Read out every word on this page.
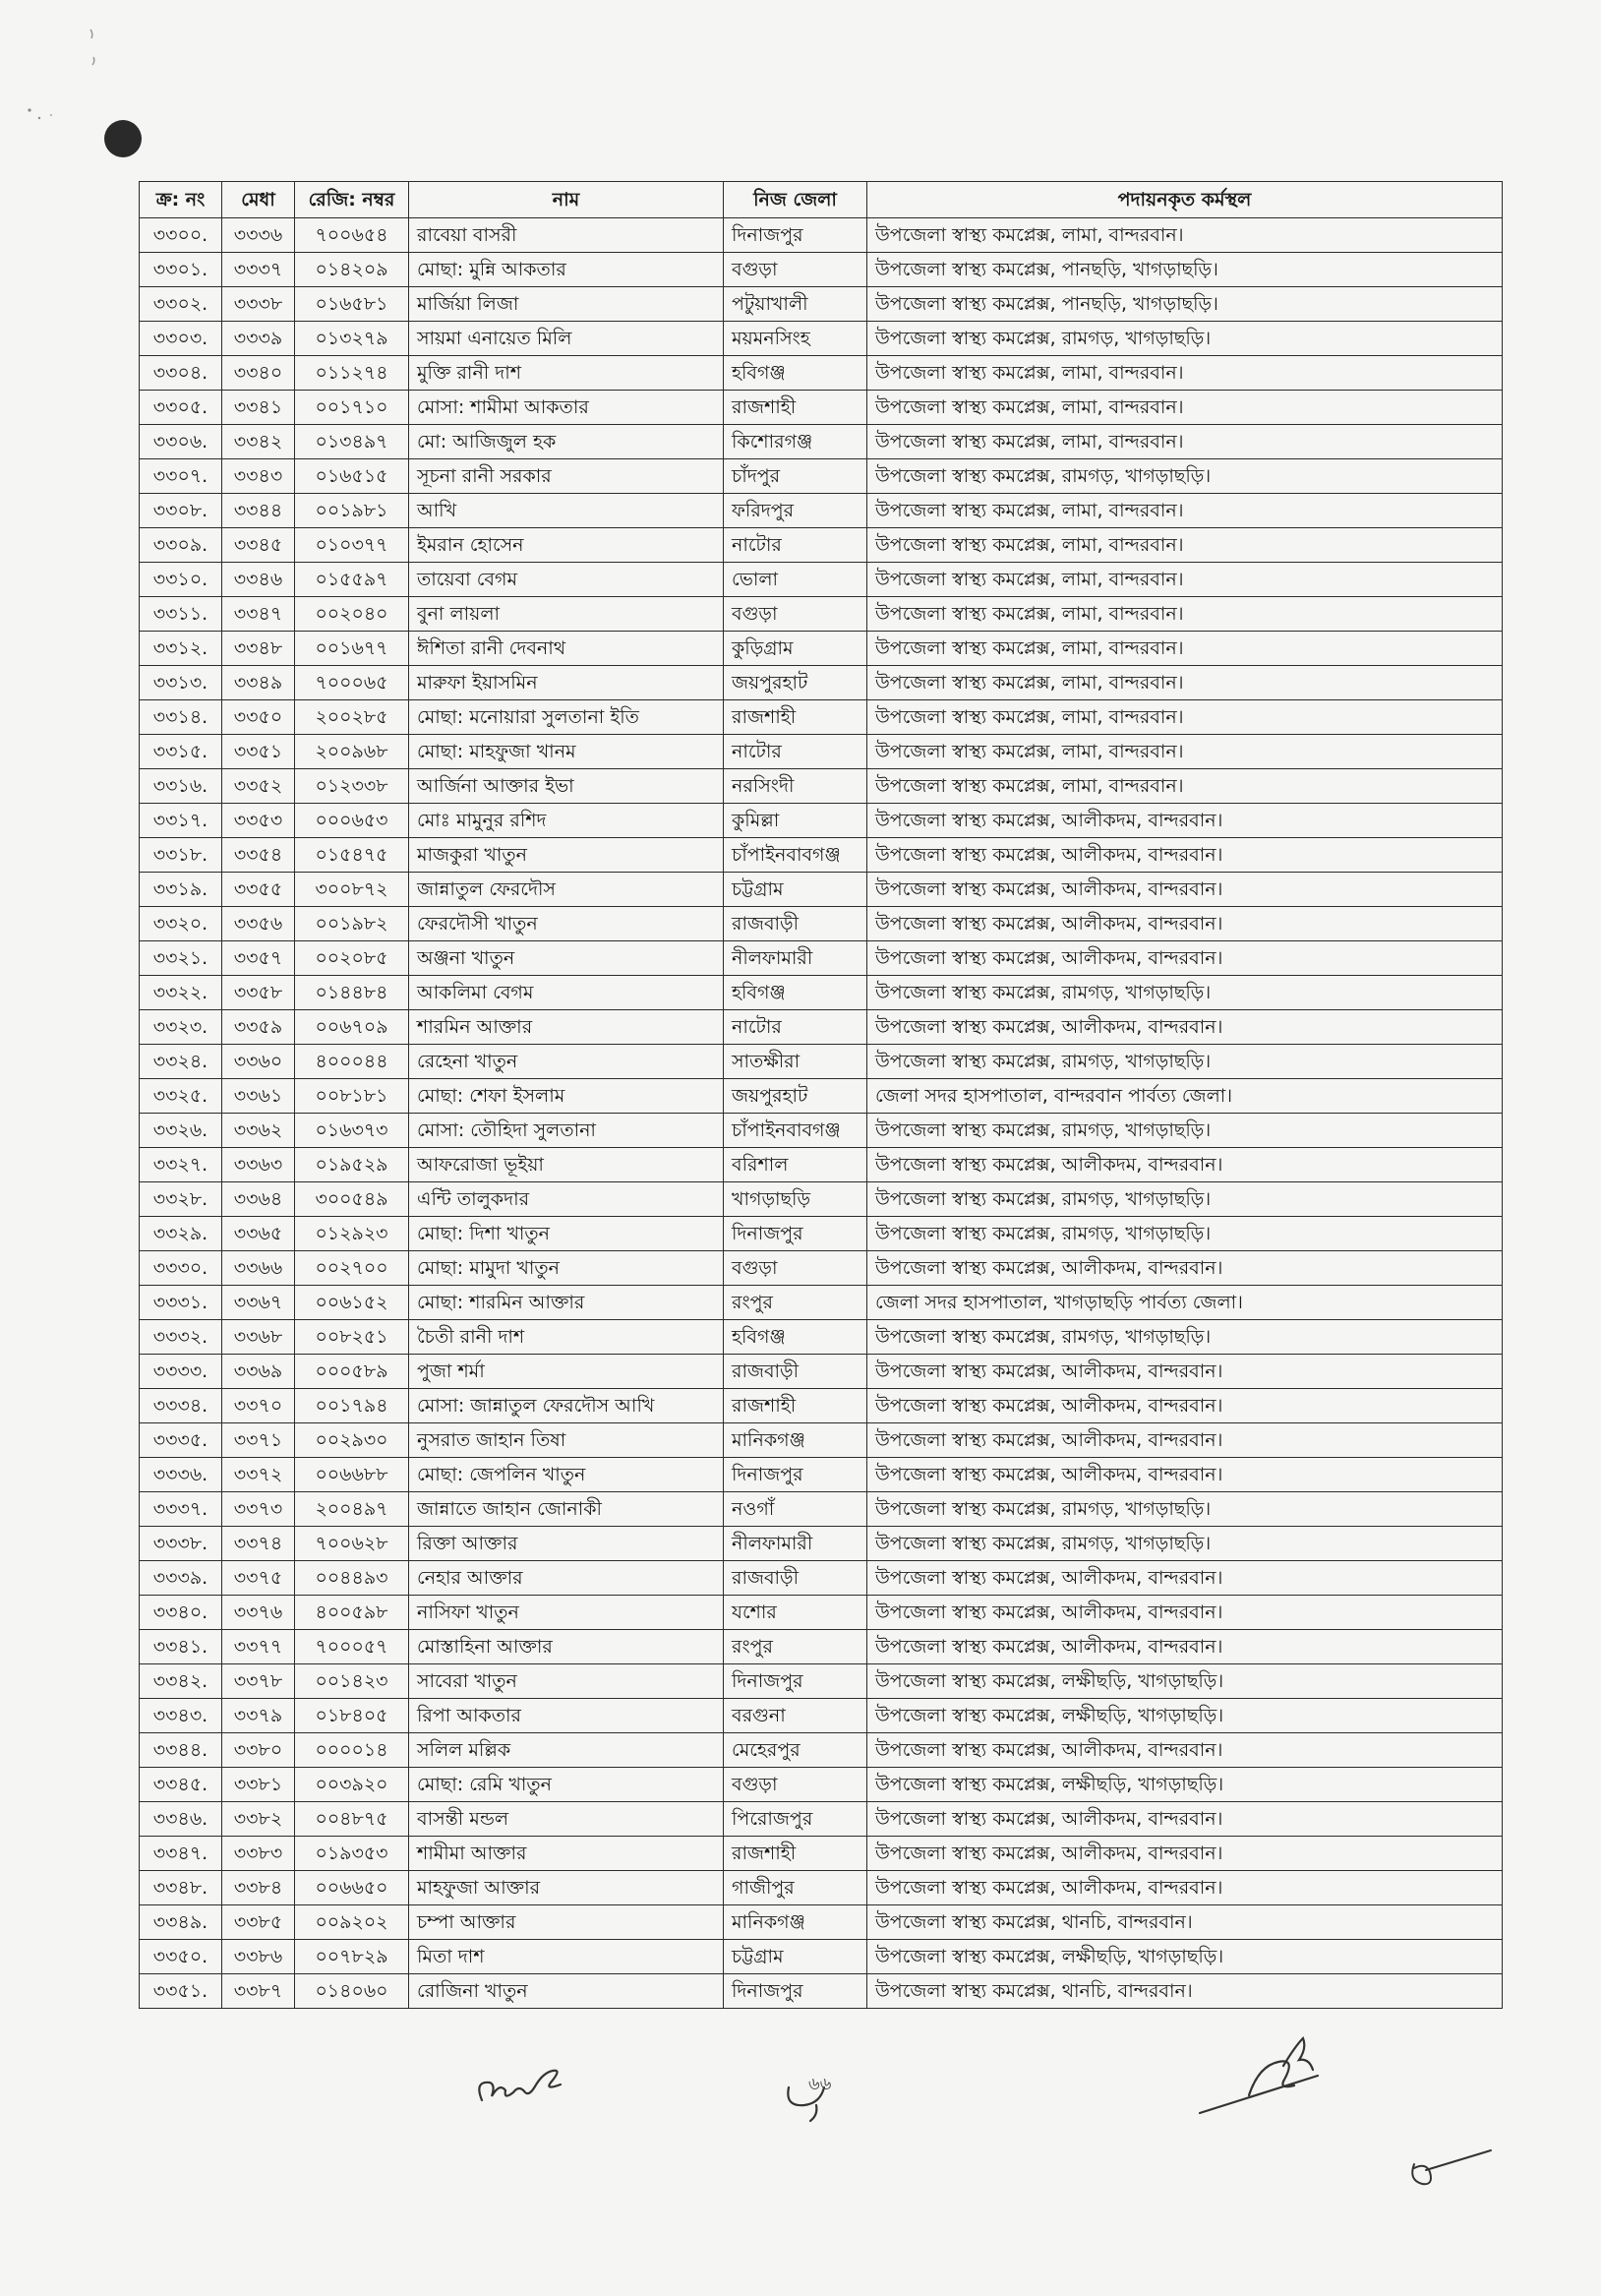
ক্র: নং	মেধা	রেজি: নম্বর	নাম	নিজ জেলা	পদায়নকৃত কর্মস্থল
৩৩০০.	৩৩৩৬	৭০০৬৫৪	রাবেয়া বাসরী	দিনাজপুর	উপজেলা স্বাস্থ্য কমপ্লেক্স, লামা, বান্দরবান।
৩৩০১.	৩৩৩৭	০১৪২০৯	মোছা: মুন্নি আকতার	বগুড়া	উপজেলা স্বাস্থ্য কমপ্লেক্স, পানছড়ি, খাগড়াছড়ি।
৩৩০২.	৩৩৩৮	০১৬৫৮১	মার্জিয়া লিজা	পটুয়াখালী	উপজেলা স্বাস্থ্য কমপ্লেক্স, পানছড়ি, খাগড়াছড়ি।
৩৩০৩.	৩৩৩৯	০১৩২৭৯	সায়মা এনায়েত মিলি	ময়মনসিংহ	উপজেলা স্বাস্থ্য কমপ্লেক্স, রামগড়, খাগড়াছড়ি।
৩৩০৪.	৩৩৪০	০১১২৭৪	মুক্তি রানী দাশ	হবিগঞ্জ	উপজেলা স্বাস্থ্য কমপ্লেক্স, লামা, বান্দরবান।
৩৩০৫.	৩৩৪১	০০১৭১০	মোসা: শামীমা আকতার	রাজশাহী	উপজেলা স্বাস্থ্য কমপ্লেক্স, লামা, বান্দরবান।
৩৩০৬.	৩৩৪২	০১৩৪৯৭	মো: আজিজুল হক	কিশোরগঞ্জ	উপজেলা স্বাস্থ্য কমপ্লেক্স, লামা, বান্দরবান।
৩৩০৭.	৩৩৪৩	০১৬৫১৫	সূচনা রানী সরকার	চাঁদপুর	উপজেলা স্বাস্থ্য কমপ্লেক্স, রামগড়, খাগড়াছড়ি।
৩৩০৮.	৩৩৪৪	০০১৯৮১	আখি	ফরিদপুর	উপজেলা স্বাস্থ্য কমপ্লেক্স, লামা, বান্দরবান।
৩৩০৯.	৩৩৪৫	০১০৩৭৭	ইমরান হোসেন	নাটোর	উপজেলা স্বাস্থ্য কমপ্লেক্স, লামা, বান্দরবান।
৩৩১০.	৩৩৪৬	০১৫৫৯৭	তায়েবা বেগম	ভোলা	উপজেলা স্বাস্থ্য কমপ্লেক্স, লামা, বান্দরবান।
৩৩১১.	৩৩৪৭	০০২০৪০	বুনা লায়লা	বগুড়া	উপজেলা স্বাস্থ্য কমপ্লেক্স, লামা, বান্দরবান।
৩৩১২.	৩৩৪৮	০০১৬৭৭	ঈশিতা রানী দেবনাথ	কুড়িগ্রাম	উপজেলা স্বাস্থ্য কমপ্লেক্স, লামা, বান্দরবান।
৩৩১৩.	৩৩৪৯	৭০০০৬৫	মারুফা ইয়াসমিন	জয়পুরহাট	উপজেলা স্বাস্থ্য কমপ্লেক্স, লামা, বান্দরবান।
৩৩১৪.	৩৩৫০	২০০২৮৫	মোছা: মনোয়ারা সুলতানা ইতি	রাজশাহী	উপজেলা স্বাস্থ্য কমপ্লেক্স, লামা, বান্দরবান।
৩৩১৫.	৩৩৫১	২০০৯৬৮	মোছা: মাহফুজা খানম	নাটোর	উপজেলা স্বাস্থ্য কমপ্লেক্স, লামা, বান্দরবান।
৩৩১৬.	৩৩৫২	০১২৩৩৮	আর্জিনা আক্তার ইভা	নরসিংদী	উপজেলা স্বাস্থ্য কমপ্লেক্স, লামা, বান্দরবান।
৩৩১৭.	৩৩৫৩	০০০৬৫৩	মোঃ মামুনুর রশিদ	কুমিল্লা	উপজেলা স্বাস্থ্য কমপ্লেক্স, আলীকদম, বান্দরবান।
৩৩১৮.	৩৩৫৪	০১৫৪৭৫	মাজকুরা খাতুন	চাঁপাইনবাবগঞ্জ	উপজেলা স্বাস্থ্য কমপ্লেক্স, আলীকদম, বান্দরবান।
৩৩১৯.	৩৩৫৫	৩০০৮৭২	জান্নাতুল ফেরদৌস	চট্টগ্রাম	উপজেলা স্বাস্থ্য কমপ্লেক্স, আলীকদম, বান্দরবান।
৩৩২০.	৩৩৫৬	০০১৯৮২	ফেরদৌসী খাতুন	রাজবাড়ী	উপজেলা স্বাস্থ্য কমপ্লেক্স, আলীকদম, বান্দরবান।
৩৩২১.	৩৩৫৭	০০২০৮৫	অঞ্জনা খাতুন	নীলফামারী	উপজেলা স্বাস্থ্য কমপ্লেক্স, আলীকদম, বান্দরবান।
৩৩২২.	৩৩৫৮	০১৪৪৮৪	আকলিমা বেগম	হবিগঞ্জ	উপজেলা স্বাস্থ্য কমপ্লেক্স, রামগড়, খাগড়াছড়ি।
৩৩২৩.	৩৩৫৯	০০৬৭০৯	শারমিন আক্তার	নাটোর	উপজেলা স্বাস্থ্য কমপ্লেক্স, আলীকদম, বান্দরবান।
৩৩২৪.	৩৩৬০	৪০০০৪৪	রেহেনা খাতুন	সাতক্ষীরা	উপজেলা স্বাস্থ্য কমপ্লেক্স, রামগড়, খাগড়াছড়ি।
৩৩২৫.	৩৩৬১	০০৮১৮১	মোছা: শেফা ইসলাম	জয়পুরহাট	জেলা সদর হাসপাতাল, বান্দরবান পার্বত্য জেলা।
৩৩২৬.	৩৩৬২	০১৬৩৭৩	মোসা: তৌহিদা সুলতানা	চাঁপাইনবাবগঞ্জ	উপজেলা স্বাস্থ্য কমপ্লেক্স, রামগড়, খাগড়াছড়ি।
৩৩২৭.	৩৩৬৩	০১৯৫২৯	আফরোজা ভূইয়া	বরিশাল	উপজেলা স্বাস্থ্য কমপ্লেক্স, আলীকদম, বান্দরবান।
৩৩২৮.	৩৩৬৪	৩০০৫৪৯	এন্টি তালুকদার	খাগড়াছড়ি	উপজেলা স্বাস্থ্য কমপ্লেক্স, রামগড়, খাগড়াছড়ি।
৩৩২৯.	৩৩৬৫	০১২৯২৩	মোছা: দিশা খাতুন	দিনাজপুর	উপজেলা স্বাস্থ্য কমপ্লেক্স, রামগড়, খাগড়াছড়ি।
৩৩৩০.	৩৩৬৬	০০২৭০০	মোছা: মামুদা খাতুন	বগুড়া	উপজেলা স্বাস্থ্য কমপ্লেক্স, আলীকদম, বান্দরবান।
৩৩৩১.	৩৩৬৭	০০৬১৫২	মোছা: শারমিন আক্তার	রংপুর	জেলা সদর হাসপাতাল, খাগড়াছড়ি পার্বত্য জেলা।
৩৩৩২.	৩৩৬৮	০০৮২৫১	চৈতী রানী দাশ	হবিগঞ্জ	উপজেলা স্বাস্থ্য কমপ্লেক্স, রামগড়, খাগড়াছড়ি।
৩৩৩৩.	৩৩৬৯	০০০৫৮৯	পুজা শর্মা	রাজবাড়ী	উপজেলা স্বাস্থ্য কমপ্লেক্স, আলীকদম, বান্দরবান।
৩৩৩৪.	৩৩৭০	০০১৭৯৪	মোসা: জান্নাতুল ফেরদৌস আখি	রাজশাহী	উপজেলা স্বাস্থ্য কমপ্লেক্স, আলীকদম, বান্দরবান।
৩৩৩৫.	৩৩৭১	০০২৯৩০	নুসরাত জাহান তিষা	মানিকগঞ্জ	উপজেলা স্বাস্থ্য কমপ্লেক্স, আলীকদম, বান্দরবান।
৩৩৩৬.	৩৩৭২	০০৬৬৮৮	মোছা: জেপলিন খাতুন	দিনাজপুর	উপজেলা স্বাস্থ্য কমপ্লেক্স, আলীকদম, বান্দরবান।
৩৩৩৭.	৩৩৭৩	২০০৪৯৭	জান্নাতে জাহান জোনাকী	নওগাঁ	উপজেলা স্বাস্থ্য কমপ্লেক্স, রামগড়, খাগড়াছড়ি।
৩৩৩৮.	৩৩৭৪	৭০০৬২৮	রিক্তা আক্তার	নীলফামারী	উপজেলা স্বাস্থ্য কমপ্লেক্স, রামগড়, খাগড়াছড়ি।
৩৩৩৯.	৩৩৭৫	০০৪৪৯৩	নেহার আক্তার	রাজবাড়ী	উপজেলা স্বাস্থ্য কমপ্লেক্স, আলীকদম, বান্দরবান।
৩৩৪০.	৩৩৭৬	৪০০৫৯৮	নাসিফা খাতুন	যশোর	উপজেলা স্বাস্থ্য কমপ্লেক্স, আলীকদম, বান্দরবান।
৩৩৪১.	৩৩৭৭	৭০০০৫৭	মোস্তাহিনা আক্তার	রংপুর	উপজেলা স্বাস্থ্য কমপ্লেক্স, আলীকদম, বান্দরবান।
৩৩৪২.	৩৩৭৮	০০১৪২৩	সাবেরা খাতুন	দিনাজপুর	উপজেলা স্বাস্থ্য কমপ্লেক্স, লক্ষীছড়ি, খাগড়াছড়ি।
৩৩৪৩.	৩৩৭৯	০১৮৪০৫	রিপা আকতার	বরগুনা	উপজেলা স্বাস্থ্য কমপ্লেক্স, লক্ষীছড়ি, খাগড়াছড়ি।
৩৩৪৪.	৩৩৮০	০০০০১৪	সলিল মল্লিক	মেহেরপুর	উপজেলা স্বাস্থ্য কমপ্লেক্স, আলীকদম, বান্দরবান।
৩৩৪৫.	৩৩৮১	০০৩৯২০	মোছা: রেমি খাতুন	বগুড়া	উপজেলা স্বাস্থ্য কমপ্লেক্স, লক্ষীছড়ি, খাগড়াছড়ি।
৩৩৪৬.	৩৩৮২	০০৪৮৭৫	বাসন্তী মন্ডল	পিরোজপুর	উপজেলা স্বাস্থ্য কমপ্লেক্স, আলীকদম, বান্দরবান।
৩৩৪৭.	৩৩৮৩	০১৯৩৫৩	শামীমা আক্তার	রাজশাহী	উপজেলা স্বাস্থ্য কমপ্লেক্স, আলীকদম, বান্দরবান।
৩৩৪৮.	৩৩৮৪	০০৬৬৫০	মাহফুজা আক্তার	গাজীপুর	উপজেলা স্বাস্থ্য কমপ্লেক্স, আলীকদম, বান্দরবান।
৩৩৪৯.	৩৩৮৫	০০৯২০২	চম্পা আক্তার	মানিকগঞ্জ	উপজেলা স্বাস্থ্য কমপ্লেক্স, থানচি, বান্দরবান।
৩৩৫০.	৩৩৮৬	০০৭৮২৯	মিতা দাশ	চট্টগ্রাম	উপজেলা স্বাস্থ্য কমপ্লেক্স, লক্ষীছড়ি, খাগড়াছড়ি।
৩৩৫১.	৩৩৮৭	০১৪০৬০	রোজিনা খাতুন	দিনাজপুর	উপজেলা স্বাস্থ্য কমপ্লেক্স, থানচি, বান্দরবান।
৬৬
